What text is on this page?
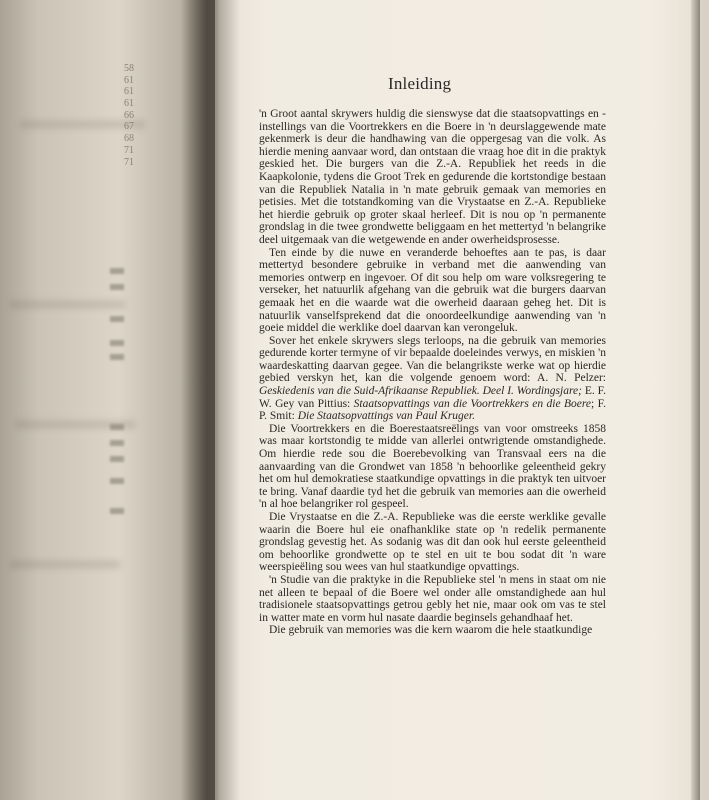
58
61
61
61
66
67
68
71
71
Inleiding

'n Groot aantal skrywers huldig die sienswyse dat die staatsopvattings en -instellings van die Voortrekkers en die Boere in 'n deurslaggewende mate gekenmerk is deur die handhawing van die oppergesag van die volk. As hierdie mening aanvaar word, dan ontstaan die vraag hoe dit in die praktyk geskied het. Die burgers van die Z.-A. Republiek het reeds in die Kaapkolonie, tydens die Groot Trek en gedurende die kortstondige bestaan van die Republiek Natalia in 'n mate gebruik gemaak van memories en petisies. Met die totstandkoming van die Vrystaatse en Z.-A. Republieke het hierdie gebruik op groter skaal herleef. Dit is nou op 'n permanente grondslag in die twee grondwette beliggaam en het mettertyd 'n belangrike deel uitgemaak van die wetgewende en ander owerheidsprosesse.

Ten einde by die nuwe en veranderde behoeftes aan te pas, is daar mettertyd besondere gebruike in verband met die aanwending van memories ontwerp en ingevoer. Of dit sou help om ware volksregering te verseker, het natuurlik afgehang van die gebruik wat die burgers daarvan gemaak het en die waarde wat die owerheid daaraan geheg het. Dit is natuurlik vanselfsprekend dat die onoordeelkundige aanwending van 'n goeie middel die werklike doel daarvan kan verongeluk.

Sover het enkele skrywers slegs terloops, na die gebruik van memories gedurende korter termyne of vir bepaalde doeleindes verwys, en miskien 'n waardeskatting daarvan gegee. Van die belangrikste werke wat op hierdie gebied verskyn het, kan die volgende genoem word: A. N. Pelzer: Geskiedenis van die Suid-Afrikaanse Republiek. Deel I. Wordingsjare; E. F. W. Gey van Pittius: Staatsopvattings van die Voortrekkers en die Boere; F. P. Smit: Die Staatsopvattings van Paul Kruger.

Die Voortrekkers en die Boerestaatsreëlings van voor omstreeks 1858 was maar kortstondig te midde van allerlei ontwrigtende omstandighede. Om hierdie rede sou die Boerebevolking van Transvaal eers na die aanvaarding van die Grondwet van 1858 'n behoorlike geleentheid gekry het om hul demokratiese staatkundige opvattings in die praktyk ten uitvoer te bring. Vanaf daardie tyd het die gebruik van memories aan die owerheid 'n al hoe belangriker rol gespeel.

Die Vrystaatse en die Z.-A. Republieke was die eerste werklike gevalle waarin die Boere hul eie onafhanklike state op 'n redelik permanente grondslag gevestig het. As sodanig was dit dan ook hul eerste geleentheid om behoorlike grondwette op te stel en uit te bou sodat dit 'n ware weerspieëling sou wees van hul staatkundige opvattings.

'n Studie van die praktyke in die Republieke stel 'n mens in staat om nie net alleen te bepaal of die Boere wel onder alle omstandighede aan hul tradisionele staatsopvattings getrou gebly het nie, maar ook om vas te stel in watter mate en vorm hul nasate daardie beginsels gehandhaaf het.

Die gebruik van memories was die kern waarom die hele staatkundige
